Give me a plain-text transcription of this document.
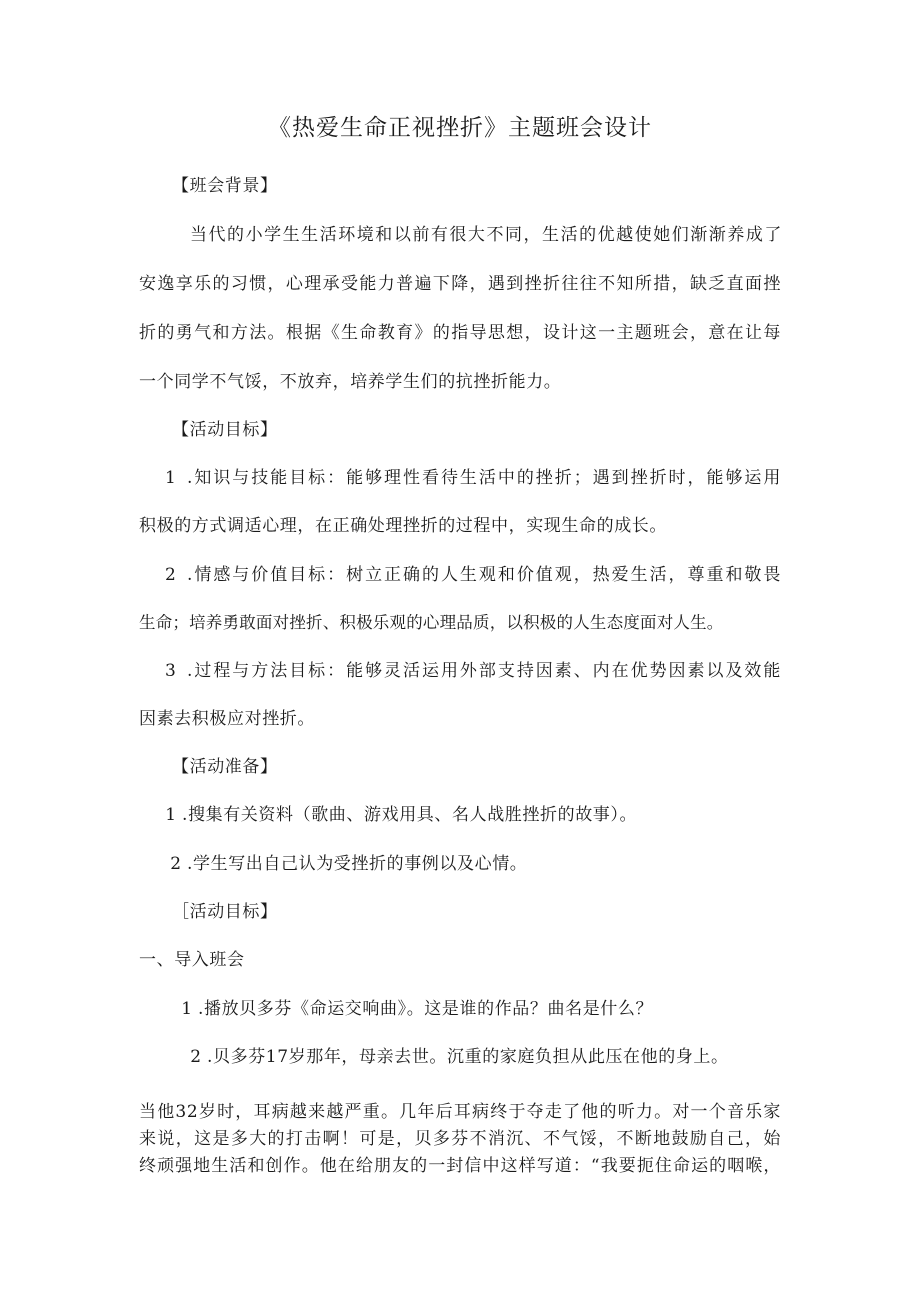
《热爱生命正视挫折》主题班会设计
【班会背景】
当代的小学生生活环境和以前有很大不同，生活的优越使她们渐渐养成了
安逸享乐的习惯，心理承受能力普遍下降，遇到挫折往往不知所措，缺乏直面挫
折的勇气和方法。根据《生命教育》的指导思想，设计这一主题班会，意在让每
一个同学不气馁，不放弃，培养学生们的抗挫折能力。
【活动目标】
1 .知识与技能目标：能够理性看待生活中的挫折；遇到挫折时，能够运用
积极的方式调适心理，在正确处理挫折的过程中，实现生命的成长。
2 .情感与价值目标：树立正确的人生观和价值观，热爱生活，尊重和敬畏
生命；培养勇敢面对挫折、积极乐观的心理品质，以积极的人生态度面对人生。
3 .过程与方法目标：能够灵活运用外部支持因素、内在优势因素以及效能
因素去积极应对挫折。
【活动准备】
1 .搜集有关资料（歌曲、游戏用具、名人战胜挫折的故事）。
2 .学生写出自己认为受挫折的事例以及心情。
［活动目标】
一、导入班会
1 .播放贝多芬《命运交响曲》。这是谁的作品？曲名是什么？
2 .贝多芬17岁那年，母亲去世。沉重的家庭负担从此压在他的身上。
当他32岁时，耳病越来越严重。几年后耳病终于夺走了他的听力。对一个音乐家
来说，这是多大的打击啊！可是，贝多芬不消沉、不气馁，不断地鼓励自己，始
终顽强地生活和创作。他在给朋友的一封信中这样写道：“我要扼住命运的咽喉，
